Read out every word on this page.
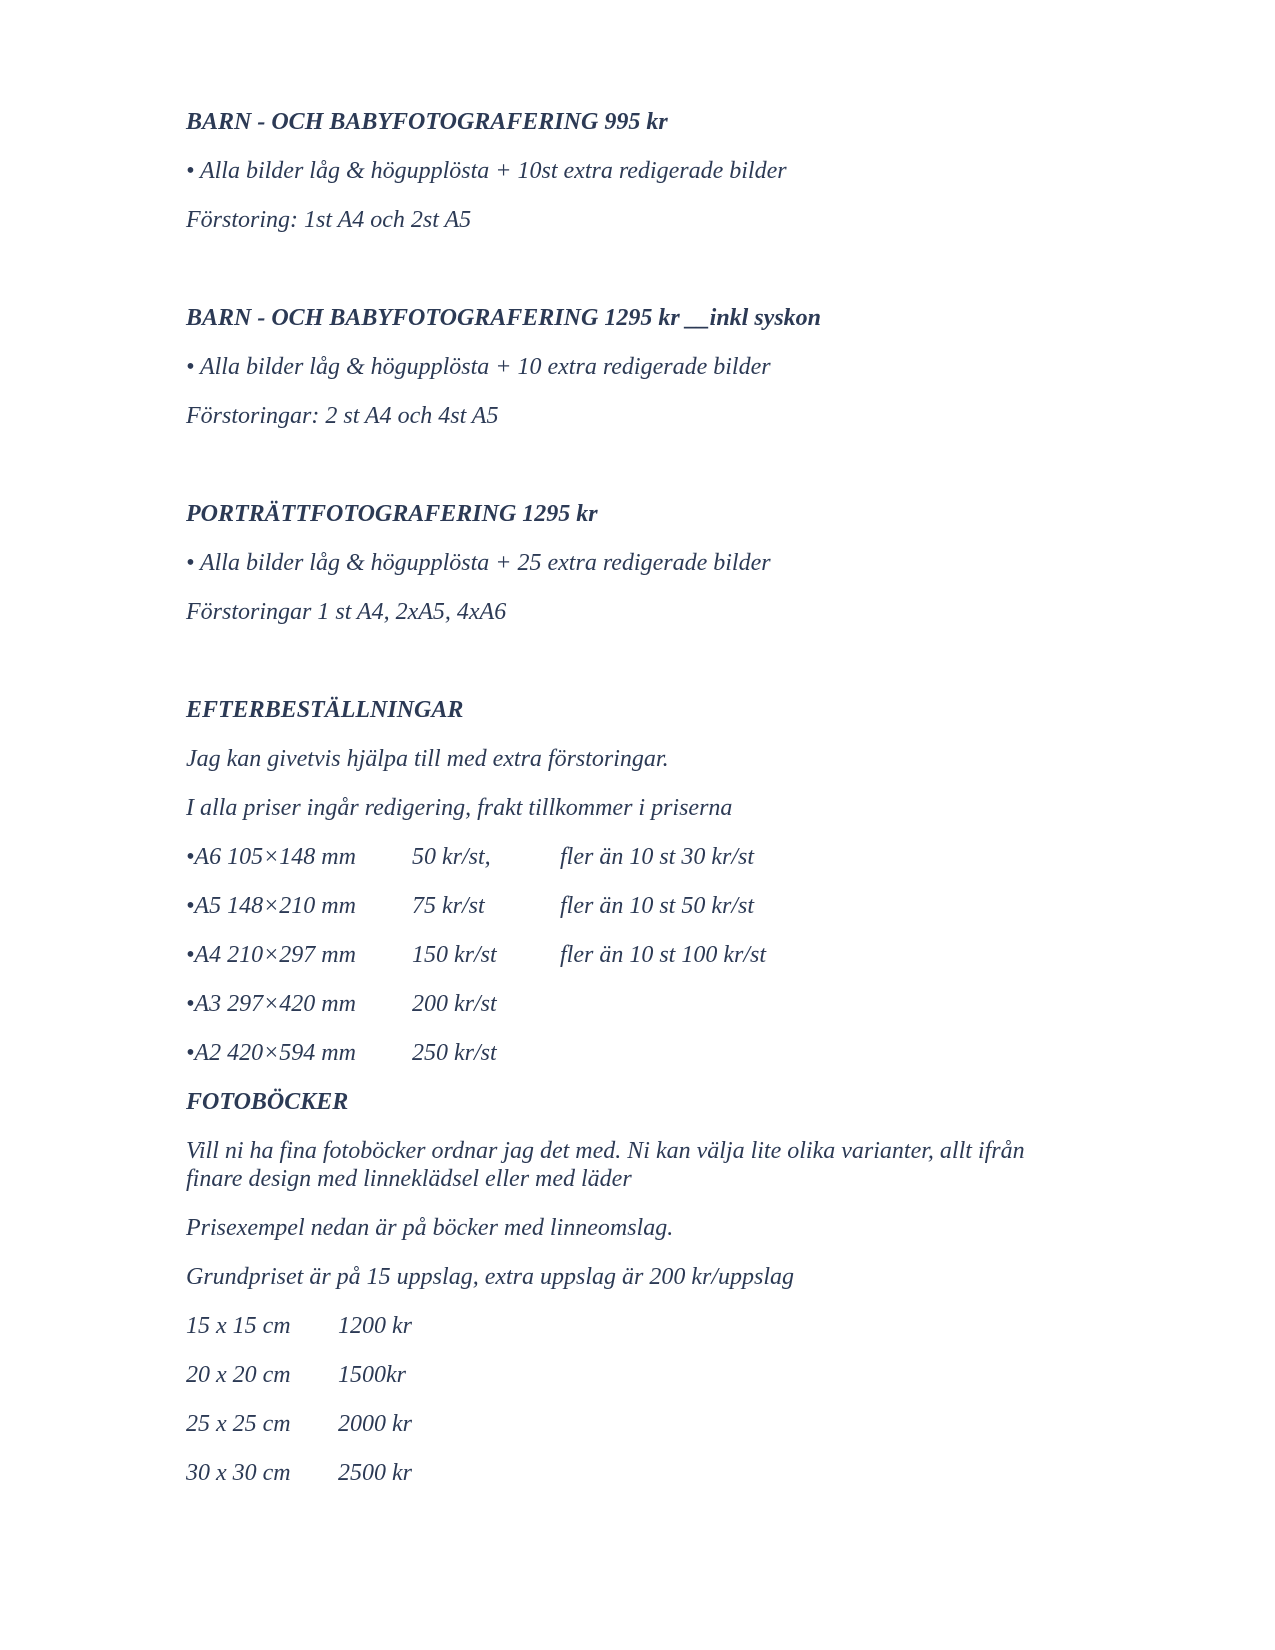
BARN - OCH BABYFOTOGRAFERING 995 kr
• Alla bilder låg & högupplösta + 10st extra redigerade bilder
Förstoring: 1st A4 och 2st A5
BARN - OCH BABYFOTOGRAFERING 1295 kr __inkl syskon
• Alla bilder låg & högupplösta + 10 extra redigerade bilder
Förstoringar: 2 st A4 och 4st A5
PORTRÄTTFOTOGRAFERING 1295 kr
• Alla bilder låg & högupplösta + 25 extra redigerade bilder
Förstoringar 1 st A4, 2xA5, 4xA6
EFTERBESTÄLLNINGAR
Jag kan givetvis hjälpa till med extra förstoringar.
I alla priser ingår redigering, frakt tillkommer i priserna
•A6 105×148 mm 50 kr/st,	fler än 10 st 30 kr/st
•A5 148×210 mm 75 kr/st	fler än 10 st 50 kr/st
•A4 210×297 mm 150 kr/st	fler än 10 st 100 kr/st
•A3 297×420 mm 200 kr/st
•A2 420×594 mm 250 kr/st
FOTOBÖCKER
Vill ni ha fina fotoböcker ordnar jag det med. Ni kan välja lite olika varianter, allt ifrån
finare design med linneklädsel eller med läder
Prisexempel nedan är på böcker med linneomslag.
Grundpriset är på 15 uppslag, extra uppslag är 200 kr/uppslag
15 x 15 cm 1200 kr
20 x 20 cm 1500kr
25 x 25 cm 2000 kr
30 x 30 cm 2500 kr
